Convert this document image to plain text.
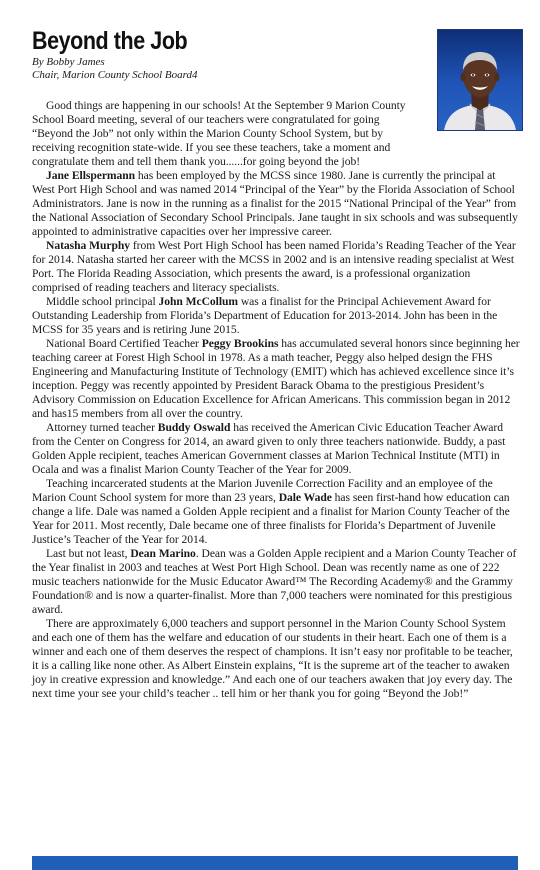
Beyond the Job
By Bobby James
Chair, Marion County School Board4

Good things are happening in our schools! At the September 9 Marion County School Board meeting, several of our teachers were congratulated for going “Beyond the Job” not only within the Marion County School System, but by receiving recognition state-wide. If you see these teachers, take a moment and congratulate them and tell them thank you......for going beyond the job!

Jane Ellspermann has been employed by the MCSS since 1980. Jane is currently the principal at West Port High School and was named 2014 “Principal of the Year” by the Florida Association of School Administrators. Jane is now in the running as a finalist for the 2015 “National Principal of the Year” from the National Association of Secondary School Principals. Jane taught in six schools and was subsequently appointed to administrative capacities over her impressive career.

Natasha Murphy from West Port High School has been named Florida’s Reading Teacher of the Year for 2014. Natasha started her career with the MCSS in 2002 and is an intensive reading specialist at West Port. The Florida Reading Association, which presents the award, is a professional organization comprised of reading teachers and literacy specialists.

Middle school principal John McCollum was a finalist for the Principal Achievement Award for Outstanding Leadership from Florida’s Department of Education for 2013-2014. John has been in the MCSS for 35 years and is retiring June 2015.

National Board Certified Teacher Peggy Brookins has accumulated several honors since beginning her teaching career at Forest High School in 1978. As a math teacher, Peggy also helped design the FHS Engineering and Manufacturing Institute of Technology (EMIT) which has achieved excellence since it’s inception. Peggy was recently appointed by President Barack Obama to the prestigious President’s Advisory Commission on Education Excellence for African Americans. This commission began in 2012 and has15 members from all over the country.

Attorney turned teacher Buddy Oswald has received the American Civic Education Teacher Award from the Center on Congress for 2014, an award given to only three teachers nationwide. Buddy, a past Golden Apple recipient, teaches American Government classes at Marion Technical Institute (MTI) in Ocala and was a finalist Marion County Teacher of the Year for 2009.

Teaching incarcerated students at the Marion Juvenile Correction Facility and an employee of the Marion Count School system for more than 23 years, Dale Wade has seen first-hand how education can change a life. Dale was named a Golden Apple recipient and a finalist for Marion County Teacher of the Year for 2011. Most recently, Dale became one of three finalists for Florida’s Department of Juvenile Justice’s Teacher of the Year for 2014.

Last but not least, Dean Marino. Dean was a Golden Apple recipient and a Marion County Teacher of the Year finalist in 2003 and teaches at West Port High School. Dean was recently name as one of 222 music teachers nationwide for the Music Educator Award™ The Recording Academy® and the Grammy Foundation® and is now a quarter-finalist. More than 7,000 teachers were nominated for this prestigious award.

There are approximately 6,000 teachers and support personnel in the Marion County School System and each one of them has the welfare and education of our students in their heart. Each one of them is a winner and each one of them deserves the respect of champions. It isn’t easy nor profitable to be teacher, it is a calling like none other. As Albert Einstein explains, “It is the supreme art of the teacher to awaken joy in creative expression and knowledge.” And each one of our teachers awaken that joy every day. The next time your see your child’s teacher .. tell him or her thank you for going “Beyond the Job!”
